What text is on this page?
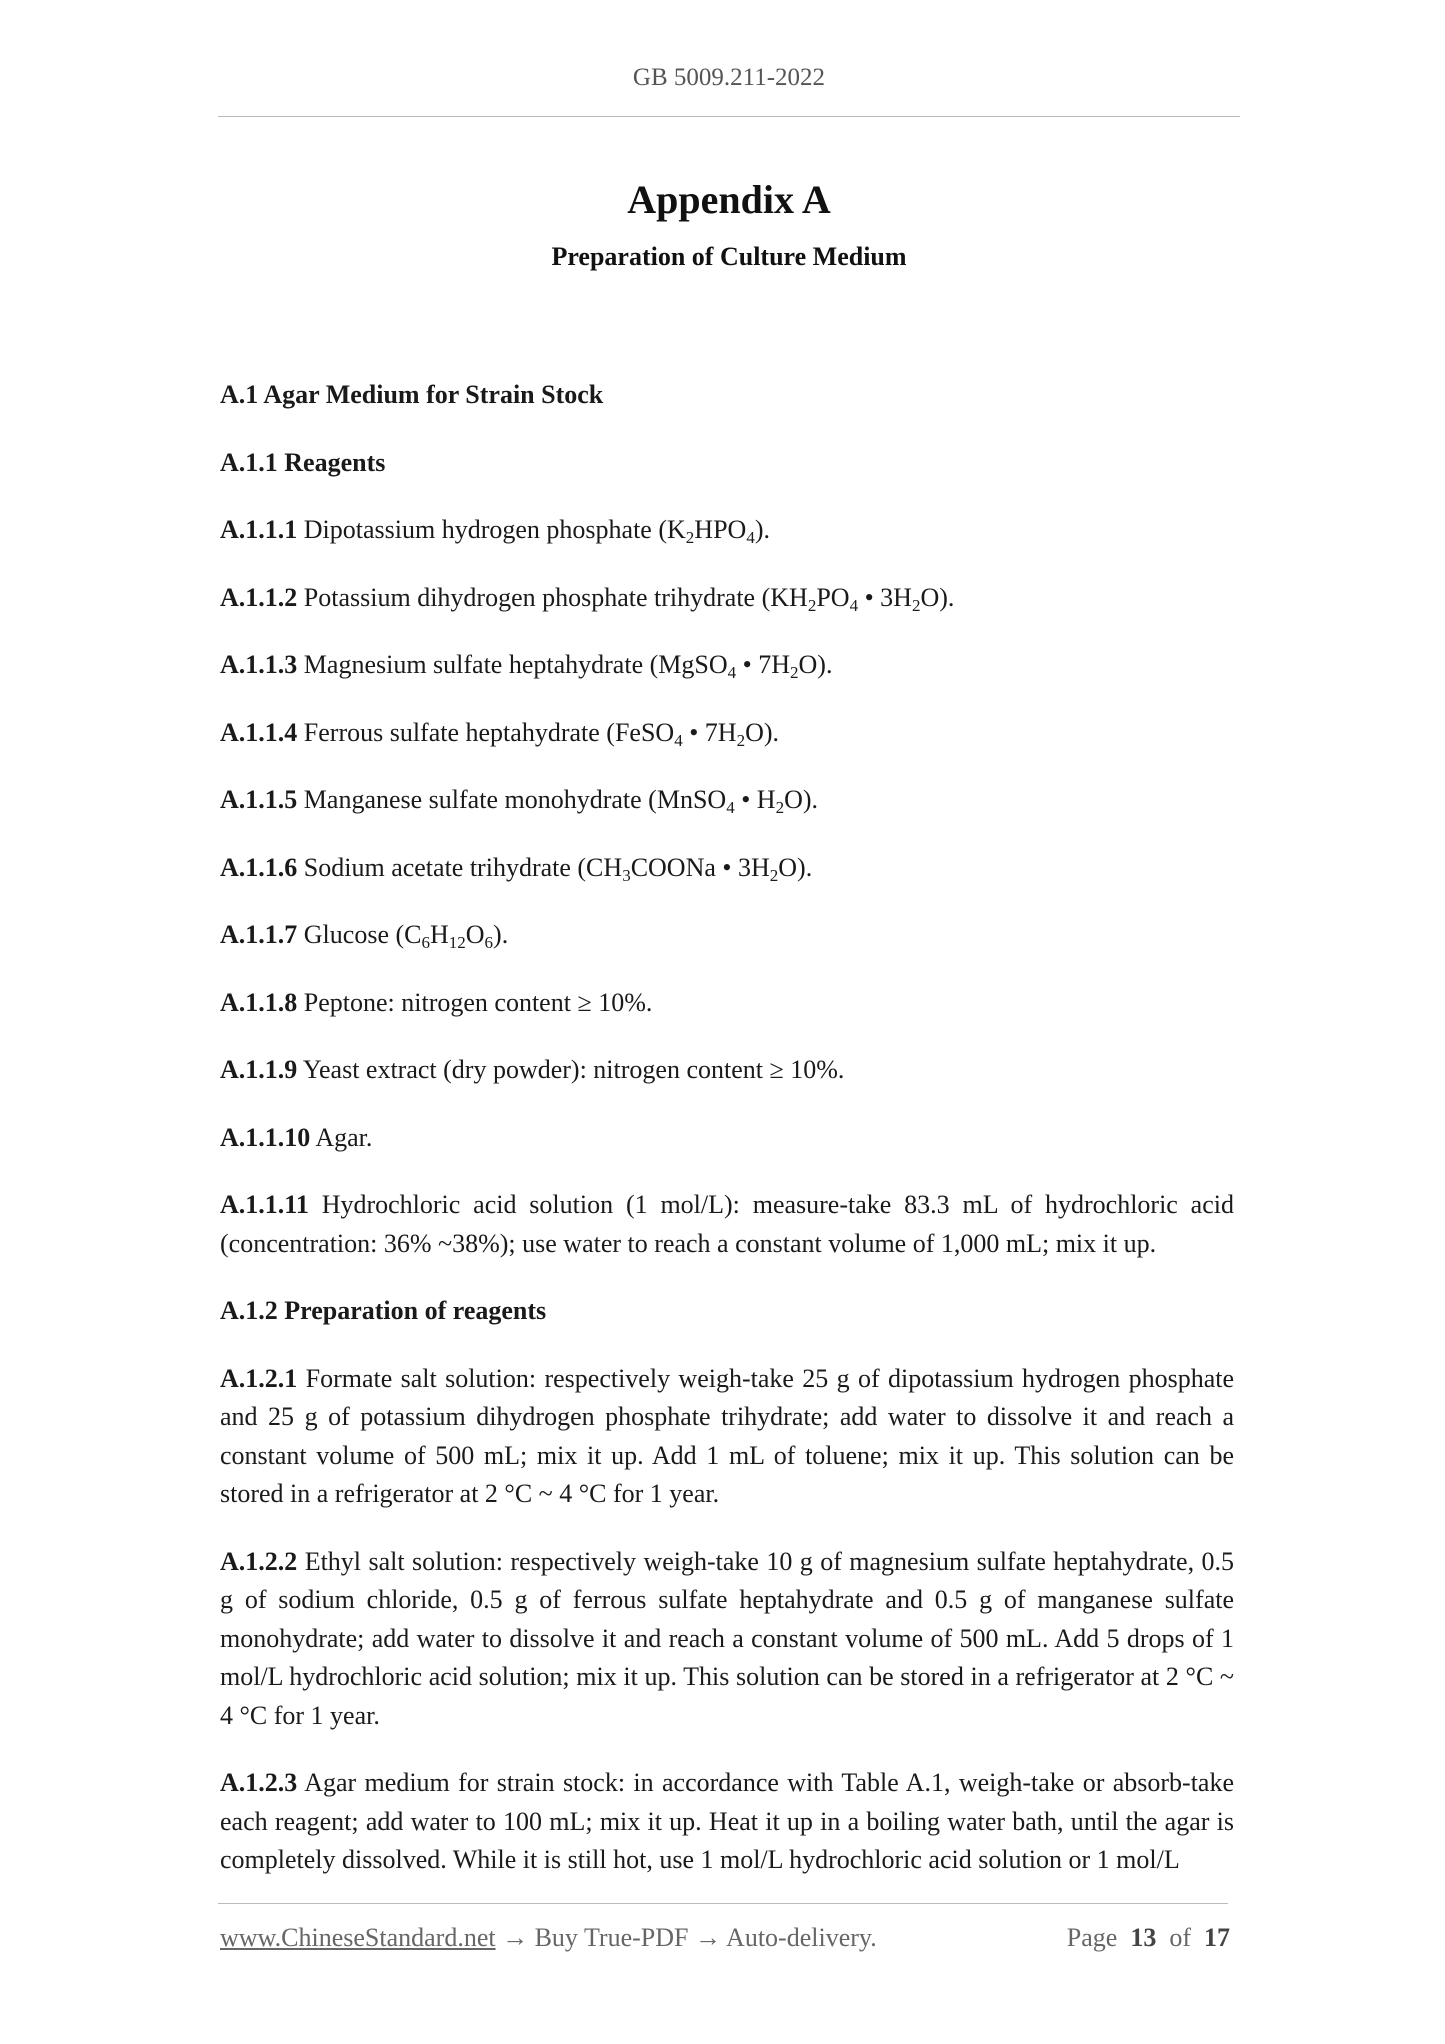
GB 5009.211-2022
Appendix A
Preparation of Culture Medium

A.1 Agar Medium for Strain Stock

A.1.1 Reagents

A.1.1.1 Dipotassium hydrogen phosphate $(K_2HPO_4)$.

A.1.1.2 Potassium dihydrogen phosphate trihydrate ($KH_2PO_4$ • $3H_2O$).

A.1.1.3 Magnesium sulfate heptahydrate (MgSO$_4$ • $7H_2O$).

A.1.1.4 Ferrous sulfate heptahydrate (FeSO$_4$ • $7H_2O$).

A.1.1.5 Manganese sulfate monohydrate (MnSO$_4$ • $H_2O$).

A.1.1.6 Sodium acetate trihydrate ($CH_3COONa$ • $3H_2O$).

A.1.1.7 Glucose $(C_6H_{12}O_6)$.

A.1.1.8 Peptone: nitrogen content ≥ 10%.

A.1.1.9 Yeast extract (dry powder): nitrogen content ≥ 10%.

A.1.1.10 Agar.

A.1.1.11 Hydrochloric acid solution (1 mol/L): measure-take 83.3 mL of hydrochloric acid (concentration: 36% ~38%); use water to reach a constant volume of 1,000 mL; mix it up.

A.1.2 Preparation of reagents

A.1.2.1 Formate salt solution: respectively weigh-take 25 g of dipotassium hydrogen phosphate and 25 g of potassium dihydrogen phosphate trihydrate; add water to dissolve it and reach a constant volume of 500 mL; mix it up. Add 1 mL of toluene; mix it up. This solution can be stored in a refrigerator at 2 °C ~ 4 °C for 1 year.

A.1.2.2 Ethyl salt solution: respectively weigh-take 10 g of magnesium sulfate heptahydrate, 0.5 g of sodium chloride, 0.5 g of ferrous sulfate heptahydrate and 0.5 g of manganese sulfate monohydrate; add water to dissolve it and reach a constant volume of 500 mL. Add 5 drops of 1 mol/L hydrochloric acid solution; mix it up. This solution can be stored in a refrigerator at 2 °C ~ 4 °C for 1 year.

A.1.2.3 Agar medium for strain stock: in accordance with Table A.1, weigh-take or absorb-take each reagent; add water to 100 mL; mix it up. Heat it up in a boiling water bath, until the agar is completely dissolved. While it is still hot, use 1 mol/L hydrochloric acid solution or 1 mol/L

www.ChineseStandard.net → Buy True-PDF → Auto-delivery.	Page 13 of 17
